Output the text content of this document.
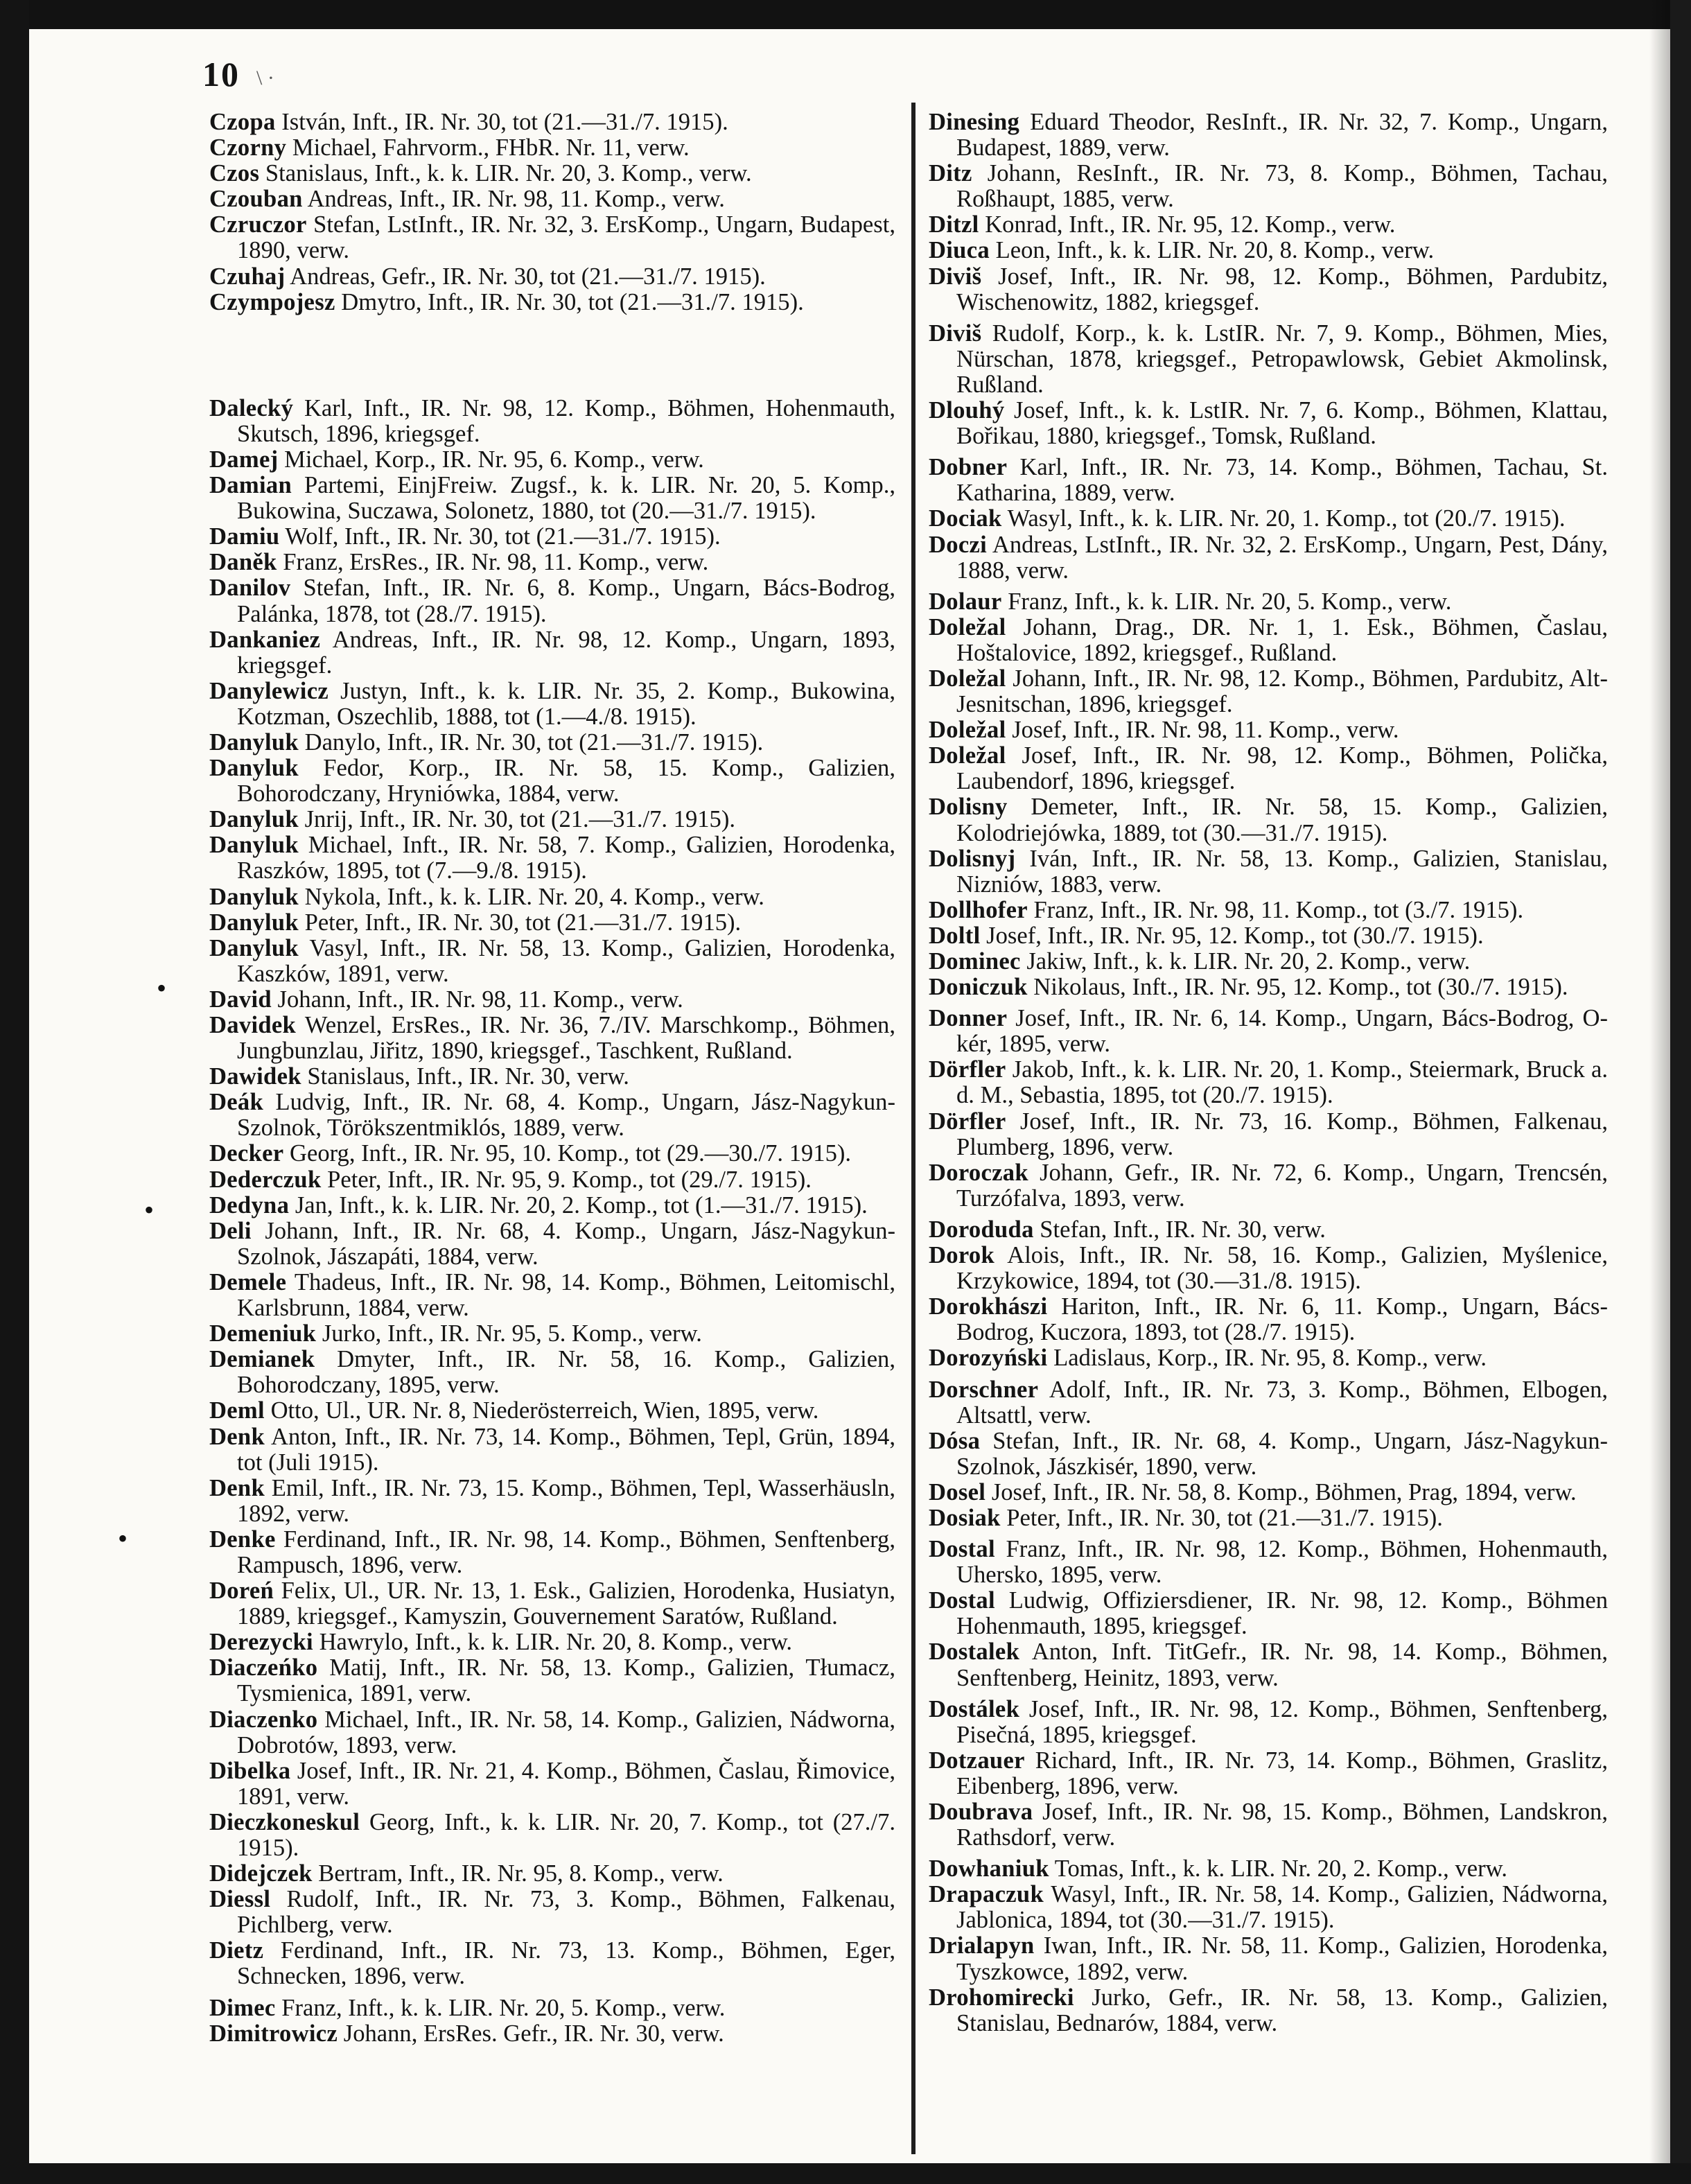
10 \ ·
•
•
•

Czopa István, Inft., IR. Nr. 30, tot (21.—31./7. 1915).

Czorny Michael, Fahrvorm., FHbR. Nr. 11, verw.

Czos Stanislaus, Inft., k. k. LIR. Nr. 20, 3. Komp., verw.

Czouban Andreas, Inft., IR. Nr. 98, 11. Komp., verw.

Czruczor Stefan, LstInft., IR. Nr. 32, 3. ErsKomp., Ungarn, Budapest, 1890, verw.

Czuhaj Andreas, Gefr., IR. Nr. 30, tot (21.—31./7. 1915).

Czympojesz Dmytro, Inft., IR. Nr. 30, tot (21.—31./7. 1915).

Dalecký Karl, Inft., IR. Nr. 98, 12. Komp., Böhmen, Hohenmauth, Skutsch, 1896, kriegsgef.

Damej Michael, Korp., IR. Nr. 95, 6. Komp., verw.

Damian Partemi, EinjFreiw. Zugsf., k. k. LIR. Nr. 20, 5. Komp., Bukowina, Suczawa, Solonetz, 1880, tot (20.—31./7. 1915).

Damiu Wolf, Inft., IR. Nr. 30, tot (21.—31./7. 1915).

Daněk Franz, ErsRes., IR. Nr. 98, 11. Komp., verw.

Danilov Stefan, Inft., IR. Nr. 6, 8. Komp., Ungarn, Bács-Bodrog, Palánka, 1878, tot (28./7. 1915).

Dankaniez Andreas, Inft., IR. Nr. 98, 12. Komp., Ungarn, 1893, kriegsgef.

Danylewicz Justyn, Inft., k. k. LIR. Nr. 35, 2. Komp., Bukowina, Kotzman, Oszechlib, 1888, tot (1.—4./8. 1915).

Danyluk Danylo, Inft., IR. Nr. 30, tot (21.—31./7. 1915).

Danyluk Fedor, Korp., IR. Nr. 58, 15. Komp., Galizien, Bohorodczany, Hryniówka, 1884, verw.

Danyluk Jnrij, Inft., IR. Nr. 30, tot (21.—31./7. 1915).

Danyluk Michael, Inft., IR. Nr. 58, 7. Komp., Galizien, Horodenka, Raszków, 1895, tot (7.—9./8. 1915).

Danyluk Nykola, Inft., k. k. LIR. Nr. 20, 4. Komp., verw.

Danyluk Peter, Inft., IR. Nr. 30, tot (21.—31./7. 1915).

Danyluk Vasyl, Inft., IR. Nr. 58, 13. Komp., Galizien, Horodenka, Kaszków, 1891, verw.

David Johann, Inft., IR. Nr. 98, 11. Komp., verw.

Davidek Wenzel, ErsRes., IR. Nr. 36, 7./IV. Marschkomp., Böhmen, Jungbunzlau, Jiřitz, 1890, kriegsgef., Taschkent, Rußland.

Dawidek Stanislaus, Inft., IR. Nr. 30, verw.

Deák Ludvig, Inft., IR. Nr. 68, 4. Komp., Ungarn, Jász-Nagykun-Szolnok, Törökszentmiklós, 1889, verw.

Decker Georg, Inft., IR. Nr. 95, 10. Komp., tot (29.—30./7. 1915).

Dederczuk Peter, Inft., IR. Nr. 95, 9. Komp., tot (29./7. 1915).

Dedyna Jan, Inft., k. k. LIR. Nr. 20, 2. Komp., tot (1.—31./7. 1915).

Deli Johann, Inft., IR. Nr. 68, 4. Komp., Ungarn, Jász-Nagykun-Szolnok, Jászapáti, 1884, verw.

Demele Thadeus, Inft., IR. Nr. 98, 14. Komp., Böhmen, Leitomischl, Karlsbrunn, 1884, verw.

Demeniuk Jurko, Inft., IR. Nr. 95, 5. Komp., verw.

Demianek Dmyter, Inft., IR. Nr. 58, 16. Komp., Galizien, Bohorodczany, 1895, verw.

Deml Otto, Ul., UR. Nr. 8, Niederösterreich, Wien, 1895, verw.

Denk Anton, Inft., IR. Nr. 73, 14. Komp., Böhmen, Tepl, Grün, 1894, tot (Juli 1915).

Denk Emil, Inft., IR. Nr. 73, 15. Komp., Böhmen, Tepl, Wasserhäusln, 1892, verw.

Denke Ferdinand, Inft., IR. Nr. 98, 14. Komp., Böhmen, Senftenberg, Rampusch, 1896, verw.

Doreń Felix, Ul., UR. Nr. 13, 1. Esk., Galizien, Horodenka, Husiatyn, 1889, kriegsgef., Kamyszin, Gouvernement Saratów, Rußland.

Derezycki Hawrylo, Inft., k. k. LIR. Nr. 20, 8. Komp., verw.

Diaczeńko Matij, Inft., IR. Nr. 58, 13. Komp., Galizien, Tłumacz, Tysmienica, 1891, verw.

Diaczenko Michael, Inft., IR. Nr. 58, 14. Komp., Galizien, Nádworna, Dobrotów, 1893, verw.

Dibelka Josef, Inft., IR. Nr. 21, 4. Komp., Böhmen, Časlau, Řimovice, 1891, verw.

Dieczkoneskul Georg, Inft., k. k. LIR. Nr. 20, 7. Komp., tot (27./7. 1915).

Didejczek Bertram, Inft., IR. Nr. 95, 8. Komp., verw.

Diessl Rudolf, Inft., IR. Nr. 73, 3. Komp., Böhmen, Falkenau, Pichlberg, verw.

Dietz Ferdinand, Inft., IR. Nr. 73, 13. Komp., Böhmen, Eger, Schnecken, 1896, verw.

Dimec Franz, Inft., k. k. LIR. Nr. 20, 5. Komp., verw.

Dimitrowicz Johann, ErsRes. Gefr., IR. Nr. 30, verw.

Dinesing Eduard Theodor, ResInft., IR. Nr. 32, 7. Komp., Ungarn, Budapest, 1889, verw.

Ditz Johann, ResInft., IR. Nr. 73, 8. Komp., Böhmen, Tachau, Roßhaupt, 1885, verw.

Ditzl Konrad, Inft., IR. Nr. 95, 12. Komp., verw.

Diuca Leon, Inft., k. k. LIR. Nr. 20, 8. Komp., verw.

Diviš Josef, Inft., IR. Nr. 98, 12. Komp., Böhmen, Pardubitz, Wischenowitz, 1882, kriegsgef.

Diviš Rudolf, Korp., k. k. LstIR. Nr. 7, 9. Komp., Böhmen, Mies, Nürschan, 1878, kriegsgef., Petropawlowsk, Gebiet Akmolinsk, Rußland.

Dlouhý Josef, Inft., k. k. LstIR. Nr. 7, 6. Komp., Böhmen, Klattau, Bořikau, 1880, kriegsgef., Tomsk, Rußland.

Dobner Karl, Inft., IR. Nr. 73, 14. Komp., Böhmen, Tachau, St. Katharina, 1889, verw.

Dociak Wasyl, Inft., k. k. LIR. Nr. 20, 1. Komp., tot (20./7. 1915).

Doczi Andreas, LstInft., IR. Nr. 32, 2. ErsKomp., Ungarn, Pest, Dány, 1888, verw.

Dolaur Franz, Inft., k. k. LIR. Nr. 20, 5. Komp., verw.

Doležal Johann, Drag., DR. Nr. 1, 1. Esk., Böhmen, Časlau, Hoštalovice, 1892, kriegsgef., Rußland.

Doležal Johann, Inft., IR. Nr. 98, 12. Komp., Böhmen, Pardubitz, Alt-Jesnitschan, 1896, kriegsgef.

Doležal Josef, Inft., IR. Nr. 98, 11. Komp., verw.

Doležal Josef, Inft., IR. Nr. 98, 12. Komp., Böhmen, Polička, Laubendorf, 1896, kriegsgef.

Dolisny Demeter, Inft., IR. Nr. 58, 15. Komp., Galizien, Kolodriejówka, 1889, tot (30.—31./7. 1915).

Dolisnyj Iván, Inft., IR. Nr. 58, 13. Komp., Galizien, Stanislau, Nizniów, 1883, verw.

Dollhofer Franz, Inft., IR. Nr. 98, 11. Komp., tot (3./7. 1915).

Doltl Josef, Inft., IR. Nr. 95, 12. Komp., tot (30./7. 1915).

Dominec Jakiw, Inft., k. k. LIR. Nr. 20, 2. Komp., verw.

Doniczuk Nikolaus, Inft., IR. Nr. 95, 12. Komp., tot (30./7. 1915).

Donner Josef, Inft., IR. Nr. 6, 14. Komp., Ungarn, Bács-Bodrog, O-kér, 1895, verw.

Dörfler Jakob, Inft., k. k. LIR. Nr. 20, 1. Komp., Steiermark, Bruck a. d. M., Sebastia, 1895, tot (20./7. 1915).

Dörfler Josef, Inft., IR. Nr. 73, 16. Komp., Böhmen, Falkenau, Plumberg, 1896, verw.

Doroczak Johann, Gefr., IR. Nr. 72, 6. Komp., Ungarn, Trencsén, Turzófalva, 1893, verw.

Doroduda Stefan, Inft., IR. Nr. 30, verw.

Dorok Alois, Inft., IR. Nr. 58, 16. Komp., Galizien, Myślenice, Krzykowice, 1894, tot (30.—31./8. 1915).

Dorokhászi Hariton, Inft., IR. Nr. 6, 11. Komp., Ungarn, Bács-Bodrog, Kuczora, 1893, tot (28./7. 1915).

Dorozyński Ladislaus, Korp., IR. Nr. 95, 8. Komp., verw.

Dorschner Adolf, Inft., IR. Nr. 73, 3. Komp., Böhmen, Elbogen, Altsattl, verw.

Dósa Stefan, Inft., IR. Nr. 68, 4. Komp., Ungarn, Jász-Nagykun-Szolnok, Jászkisér, 1890, verw.

Dosel Josef, Inft., IR. Nr. 58, 8. Komp., Böhmen, Prag, 1894, verw.

Dosiak Peter, Inft., IR. Nr. 30, tot (21.—31./7. 1915).

Dostal Franz, Inft., IR. Nr. 98, 12. Komp., Böhmen, Hohenmauth, Uhersko, 1895, verw.

Dostal Ludwig, Offiziersdiener, IR. Nr. 98, 12. Komp., Böhmen Hohenmauth, 1895, kriegsgef.

Dostalek Anton, Inft. TitGefr., IR. Nr. 98, 14. Komp., Böhmen, Senftenberg, Heinitz, 1893, verw.

Dostálek Josef, Inft., IR. Nr. 98, 12. Komp., Böhmen, Senftenberg, Pisečná, 1895, kriegsgef.

Dotzauer Richard, Inft., IR. Nr. 73, 14. Komp., Böhmen, Graslitz, Eibenberg, 1896, verw.

Doubrava Josef, Inft., IR. Nr. 98, 15. Komp., Böhmen, Landskron, Rathsdorf, verw.

Dowhaniuk Tomas, Inft., k. k. LIR. Nr. 20, 2. Komp., verw.

Drapaczuk Wasyl, Inft., IR. Nr. 58, 14. Komp., Galizien, Nádworna, Jablonica, 1894, tot (30.—31./7. 1915).

Drialapyn Iwan, Inft., IR. Nr. 58, 11. Komp., Galizien, Horodenka, Tyszkowce, 1892, verw.

Drohomirecki Jurko, Gefr., IR. Nr. 58, 13. Komp., Galizien, Stanislau, Bednarów, 1884, verw.
